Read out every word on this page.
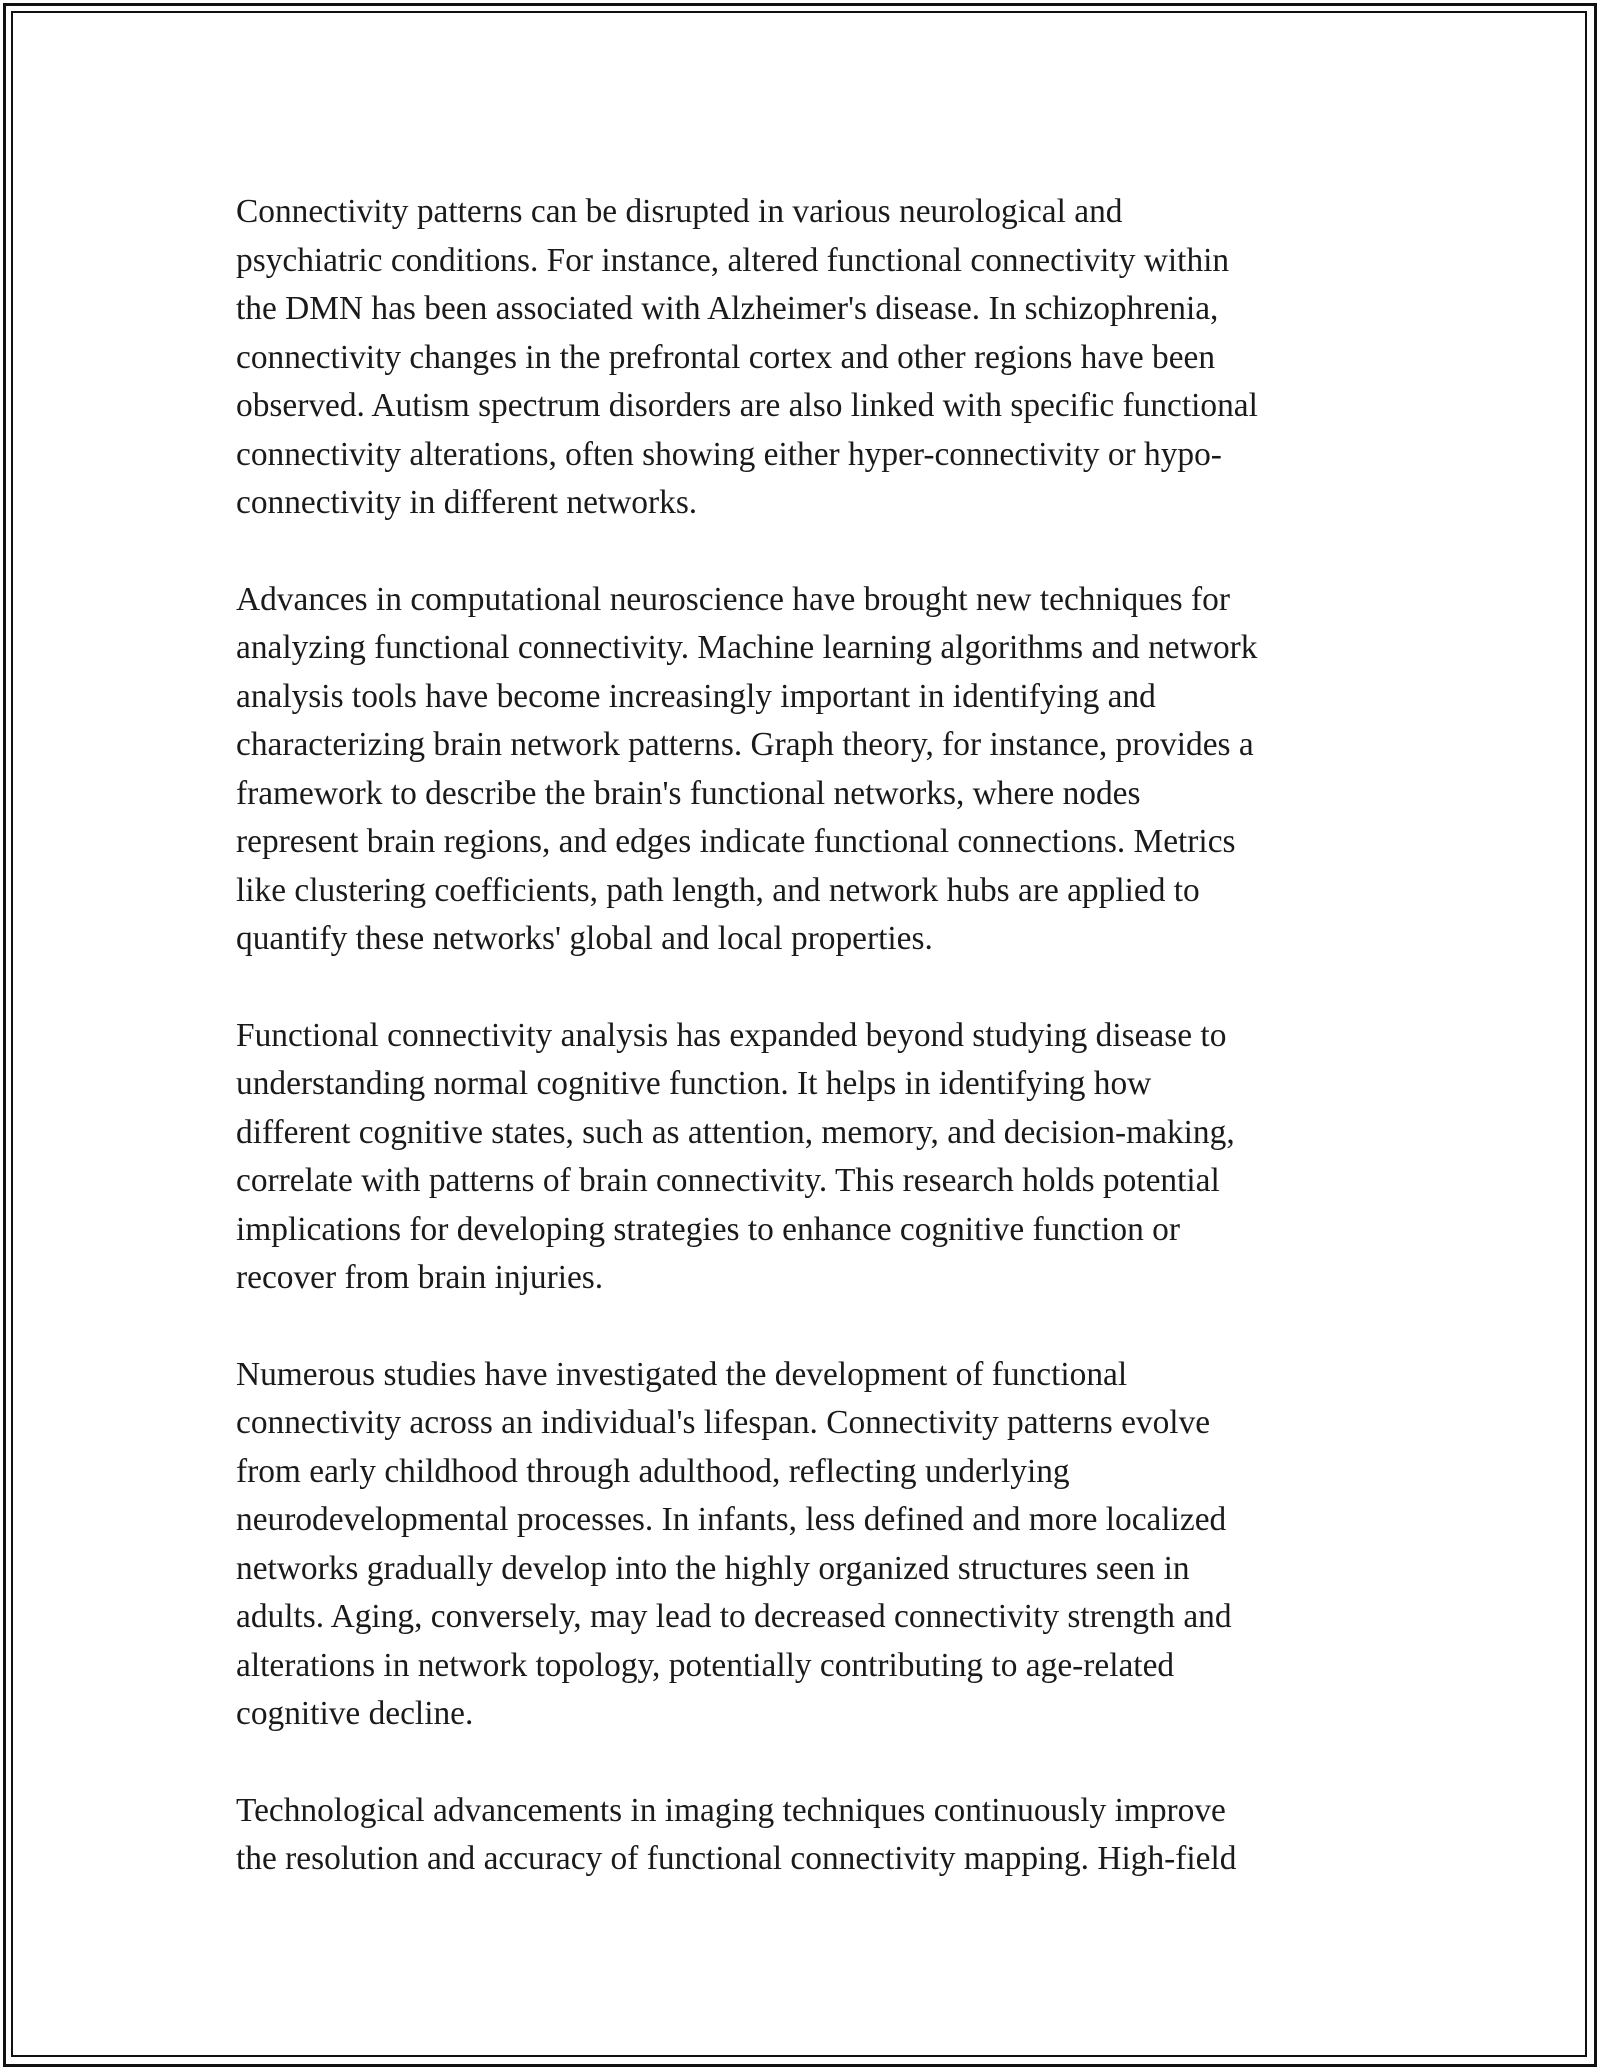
Connectivity patterns can be disrupted in various neurological and
psychiatric conditions. For instance, altered functional connectivity within
the DMN has been associated with Alzheimer's disease. In schizophrenia,
connectivity changes in the prefrontal cortex and other regions have been
observed. Autism spectrum disorders are also linked with specific functional
connectivity alterations, often showing either hyper-connectivity or hypo-
connectivity in different networks.

Advances in computational neuroscience have brought new techniques for
analyzing functional connectivity. Machine learning algorithms and network
analysis tools have become increasingly important in identifying and
characterizing brain network patterns. Graph theory, for instance, provides a
framework to describe the brain's functional networks, where nodes
represent brain regions, and edges indicate functional connections. Metrics
like clustering coefficients, path length, and network hubs are applied to
quantify these networks' global and local properties.

Functional connectivity analysis has expanded beyond studying disease to
understanding normal cognitive function. It helps in identifying how
different cognitive states, such as attention, memory, and decision-making,
correlate with patterns of brain connectivity. This research holds potential
implications for developing strategies to enhance cognitive function or
recover from brain injuries.

Numerous studies have investigated the development of functional
connectivity across an individual's lifespan. Connectivity patterns evolve
from early childhood through adulthood, reflecting underlying
neurodevelopmental processes. In infants, less defined and more localized
networks gradually develop into the highly organized structures seen in
adults. Aging, conversely, may lead to decreased connectivity strength and
alterations in network topology, potentially contributing to age-related
cognitive decline.

Technological advancements in imaging techniques continuously improve
the resolution and accuracy of functional connectivity mapping. High-field
